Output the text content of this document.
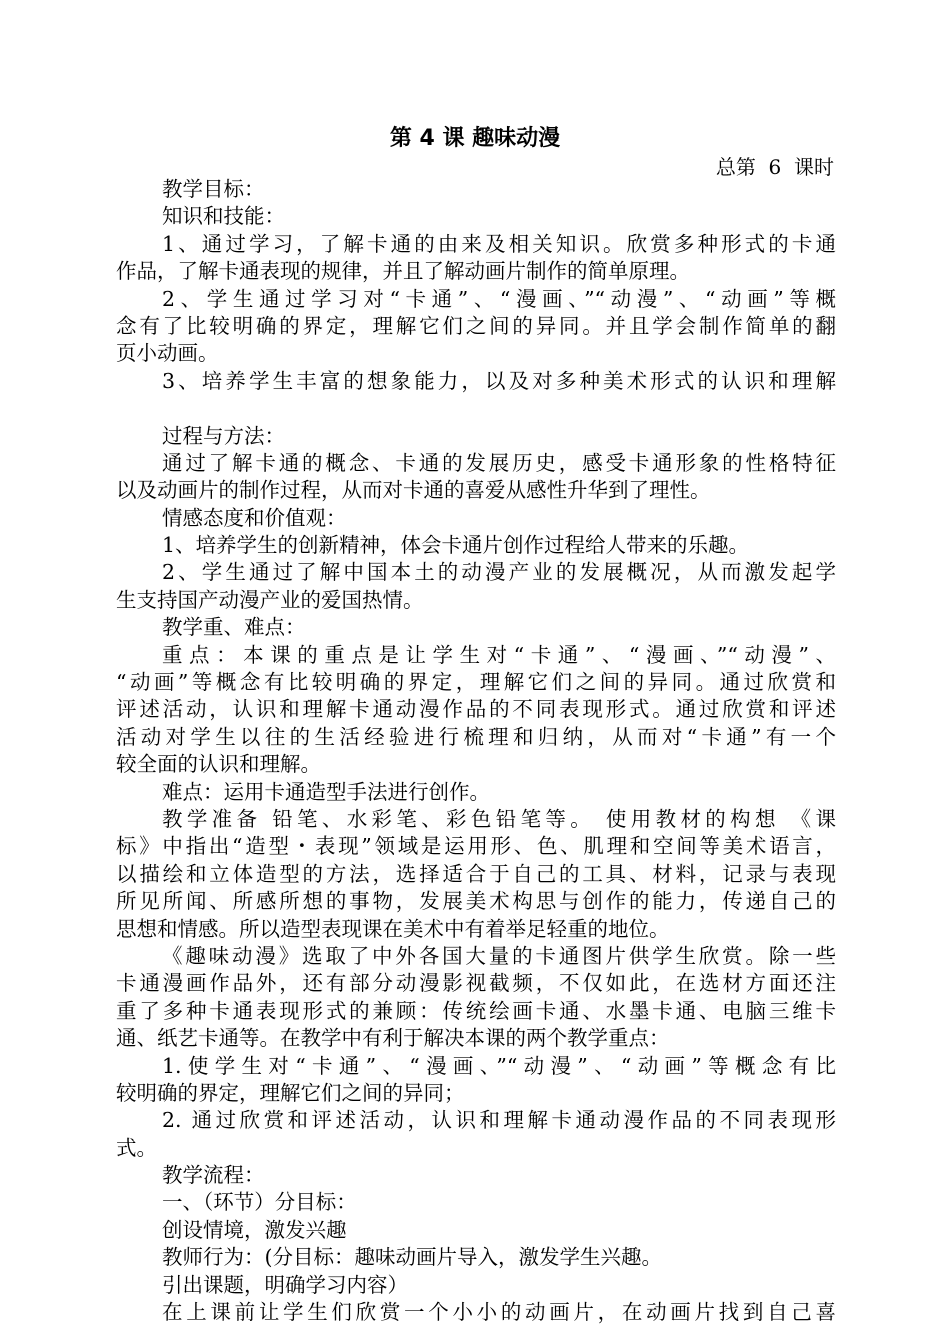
第 4 课 趣味动漫
总第  6  课时
教学目标：
知识和技能：
1、通过学习，了解卡通的由来及相关知识。欣赏多种形式的卡通
作品，了解卡通表现的规律，并且了解动画片制作的简单原理。
2、学生通过学习对“卡通”、“漫画、”“动漫”、“动画”等概
念有了比较明确的界定，理解它们之间的异同。并且学会制作简单的翻
页小动画。
3、培养学生丰富的想象能力，以及对多种美术形式的认识和理解
过程与方法：
通过了解卡通的概念、卡通的发展历史，感受卡通形象的性格特征
以及动画片的制作过程，从而对卡通的喜爱从感性升华到了理性。
情感态度和价值观：
1、培养学生的创新精神，体会卡通片创作过程给人带来的乐趣。
2、学生通过了解中国本土的动漫产业的发展概况，从而激发起学
生支持国产动漫产业的爱国热情。
教学重、难点：
重点：本课的重点是让学生对“卡通”、“漫画、”“动漫”、
“动画”等概念有比较明确的界定，理解它们之间的异同。通过欣赏和
评述活动，认识和理解卡通动漫作品的不同表现形式。通过欣赏和评述
活动对学生以往的生活经验进行梳理和归纳，从而对“卡通”有一个
较全面的认识和理解。
难点：运用卡通造型手法进行创作。
教学准备 铅笔、水彩笔、彩色铅笔等。 使用教材的构想 《课
标》中指出“造型・表现”领域是运用形、色、肌理和空间等美术语言，
以描绘和立体造型的方法，选择适合于自己的工具、材料，记录与表现
所见所闻、所感所想的事物，发展美术构思与创作的能力，传递自己的
思想和情感。所以造型表现课在美术中有着举足轻重的地位。
《趣味动漫》选取了中外各国大量的卡通图片供学生欣赏。除一些
卡通漫画作品外，还有部分动漫影视截频，不仅如此，在选材方面还注
重了多种卡通表现形式的兼顾：传统绘画卡通、水墨卡通、电脑三维卡
通、纸艺卡通等。在教学中有利于解决本课的两个教学重点：
1.使学生对“卡通”、“漫画、”“动漫”、“动画”等概念有比
较明确的界定，理解它们之间的异同；
2. 通过欣赏和评述活动，认识和理解卡通动漫作品的不同表现形
式。
教学流程：
一、（环节）分目标：
创设情境，激发兴趣
教师行为：(分目标：趣味动画片导入，激发学生兴趣。
引出课题，明确学习内容）
在上课前让学生们欣赏一个小小的动画片，在动画片找到自己喜
